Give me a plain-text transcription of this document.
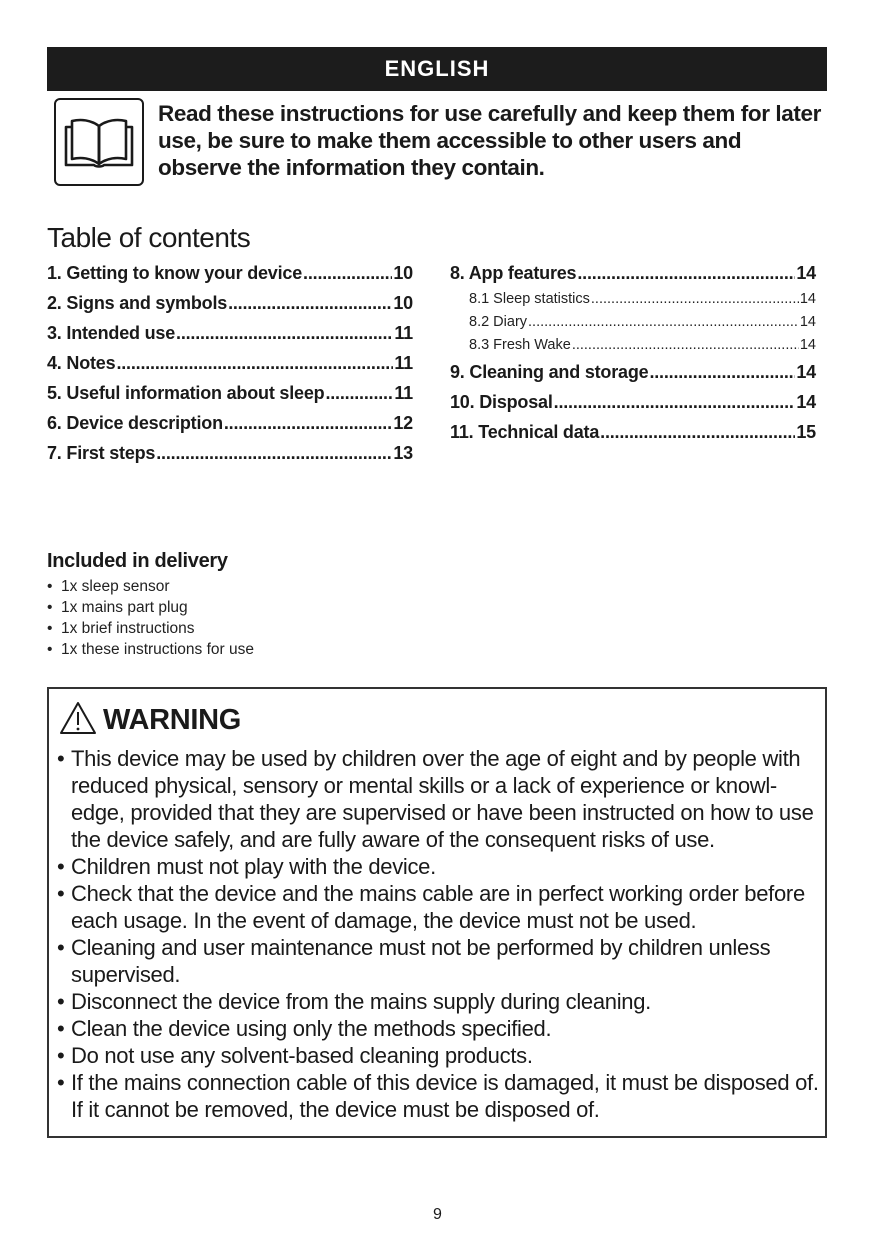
ENGLISH
Read these instructions for use carefully and keep them for later use, be sure to make them accessible to other users and observe the information they contain.
Table of contents
1. Getting to know your device .....	10
2. Signs and symbols .....	10
3. Intended use .....	11
4. Notes .....	11
5. Useful information about sleep .....	11
6. Device description .....	12
7. First steps .....	13
8. App features .....	14
8.1 Sleep statistics .....	14
8.2 Diary .....	14
8.3 Fresh Wake .....	14
9. Cleaning and storage .....	14
10. Disposal .....	14
11. Technical data .....	15
Included in delivery
• 1x sleep sensor
• 1x mains part plug
• 1x brief instructions
• 1x these instructions for use
WARNING
• This device may be used by children over the age of eight and by people with reduced physical, sensory or mental skills or a lack of experience or knowl-edge, provided that they are supervised or have been instructed on how to use the device safely, and are fully aware of the consequent risks of use.
• Children must not play with the device.
• Check that the device and the mains cable are in perfect working order before each usage. In the event of damage, the device must not be used.
• Cleaning and user maintenance must not be performed by children unless supervised.
• Disconnect the device from the mains supply during cleaning.
• Clean the device using only the methods specified.
• Do not use any solvent-based cleaning products.
• If the mains connection cable of this device is damaged, it must be disposed of. If it cannot be removed, the device must be disposed of.
9
